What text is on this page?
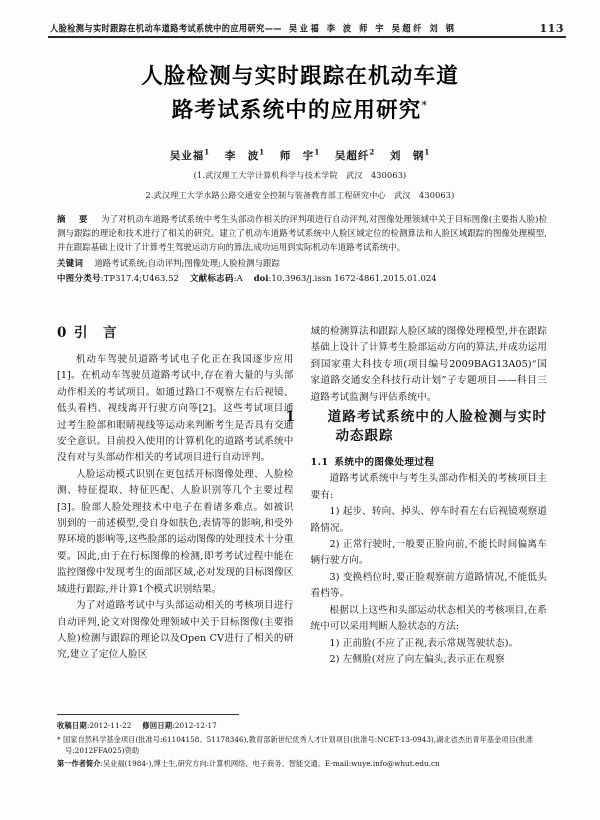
人脸检测与实时跟踪在机动车道路考试系统中的应用研究—— 吴业福 李 波 师 宇 吴超纤 刘 钢	113
人脸检测与实时跟踪在机动车道
路考试系统中的应用研究*
吴业福$^1$ 李　波$^1$ 师　宇$^1$ 吴超纤$^2$ 刘　钢$^1$
(1.武汉理工大学计算机科学与技术学院　武汉　430063)
2.武汉理工大学水路公路交通安全控制与装备教育部工程研究中心　武汉　430063)
摘　要 为了对机动车道路考试系统中考生头部动作相关的评判项进行自动评判,对图像处理领域中关于目标图像(主要指人脸)检测与跟踪的理论和技术进行了相关的研究。建立了机动车道路考试系统中人脸区域定位的检测算法和人脸区域跟踪的图像处理模型,并在跟踪基础上设计了计算考生驾驶运动方向的算法,成功运用到实际机动车道路考试系统中。
关键词 道路考试系统;自动评判;图像处理;人脸检测与跟踪
中图分类号:TP317.4;U463.52 文献标志码:A doi:10.3963/j.issn 1672-4861.2015.01.024
0 引　言

机动车驾驶员道路考试电子化正在我国逐步应用[1]。在机动车驾驶员道路考试中,存在着大量的与头部动作相关的考试项目。如通过路口不观察左右后视镜、低头看档、视线离开行驶方向等[2]。这些考试项目通过考生脸部和眼睛视线等运动来判断考生是否具有交通安全意识。目前投入使用的计算机化的道路考试系统中没有对与头部动作相关的考试项目进行自动评判。

人脸运动模式识别在更包括开标图像处理、人脸检测、特征提取、特征匹配、人脸识别等几个主要过程[3]。脸部人脸处理技术中电子在着诸多难点。如被识别到的一前述模型,受自身如肤色,表情等的影响,和受外界环境的影响等,这些脸部的运动图像的处理技术十分重要。因此,由于在行标图像的检测,即考考试过程中能在监控图像中发现考生的面部区域,必对发现的目标图像区域进行跟踪,并计算1个模式识别结果。

为了对道路考试中与头部运动相关的考核项目进行自动评判,论文对图像处理领域中关于目标图像(主要指人脸)检测与跟踪的理论以及Open CV进行了相关的研究,建立了定位人脸区

域的检测算法和跟踪人脸区域的图像处理模型,并在跟踪基础上设计了计算考生脸部运动方向的算法,并成功运用到国家重大科技专项(项目编号2009BAG13A05)“国家道路交通安全科技行动计划”子专题项目——科目三道路考试监测与评估系统中。

1 道路考试系统中的人脸检测与实时动态跟踪
1.1 系统中的图像处理过程

道路考试系统中与考生头部动作相关的考核项目主要有:

1) 起步、转向、掉头、停车时看左右后视镜观察道路情况。

2) 正常行驶时,一般要正脸向前,不能长时间偏离车辆行驶方向。

3) 变换档位时,要正脸观察前方道路情况,不能低头看档等。

根据以上这些和头部运动状态相关的考核项目,在系统中可以采用判断人脸状态的方法:

1) 正前脸(不应了正视,表示常规驾驶状态)。

2) 左侧脸(对应了向左偏头,表示正在观察

收稿日期:2012-11-22 修回日期:2012-12-17
* 国家自然科学基金项目(批准号:61104158、51178346),教育部新世纪优秀人才计划项目(批准号:NCET-13-0943),湖北省杰出青年基金项目(批准号:2012FFA025)资助
第一作者简介:吴业福(1984-),博士生,研究方向:计算机网络、电子商务、智能交通。E-mail:wuye.info@whut.edu.cn
